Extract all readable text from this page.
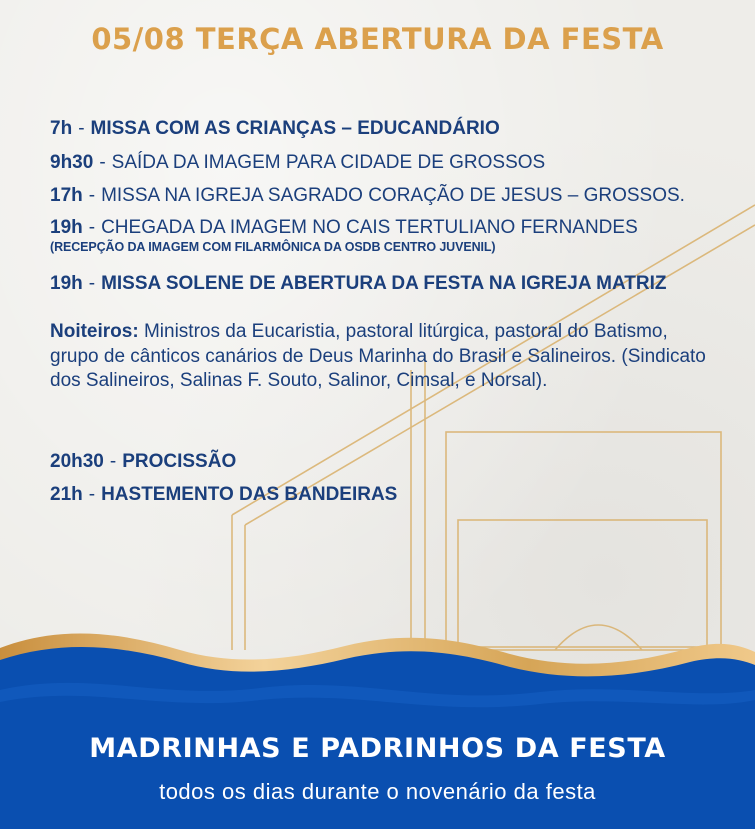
05/08 TERÇA ABERTURA DA FESTA
7h - MISSA COM AS CRIANÇAS – EDUCANDÁRIO
9h30 - SAÍDA DA IMAGEM PARA CIDADE DE GROSSOS
17h - MISSA NA IGREJA SAGRADO CORAÇÃO DE JESUS – GROSSOS.
19h - CHEGADA DA IMAGEM NO CAIS TERTULIANO FERNANDES
(RECEPÇÃO DA IMAGEM COM FILARMÔNICA DA OSDB CENTRO JUVENIL)
19h - MISSA SOLENE DE ABERTURA DA FESTA NA IGREJA MATRIZ
Noiteiros: Ministros da Eucaristia, pastoral litúrgica, pastoral do Batismo, grupo de cânticos canários de Deus Marinha do Brasil e Salineiros. (Sindicato dos Salineiros, Salinas F. Souto, Salinor, Cimsal, e Norsal).
20h30 - PROCISSÃO
21h - HASTEMENTO DAS BANDEIRAS
MADRINHAS E PADRINHOS DA FESTA
todos os dias durante o novenário da festa
